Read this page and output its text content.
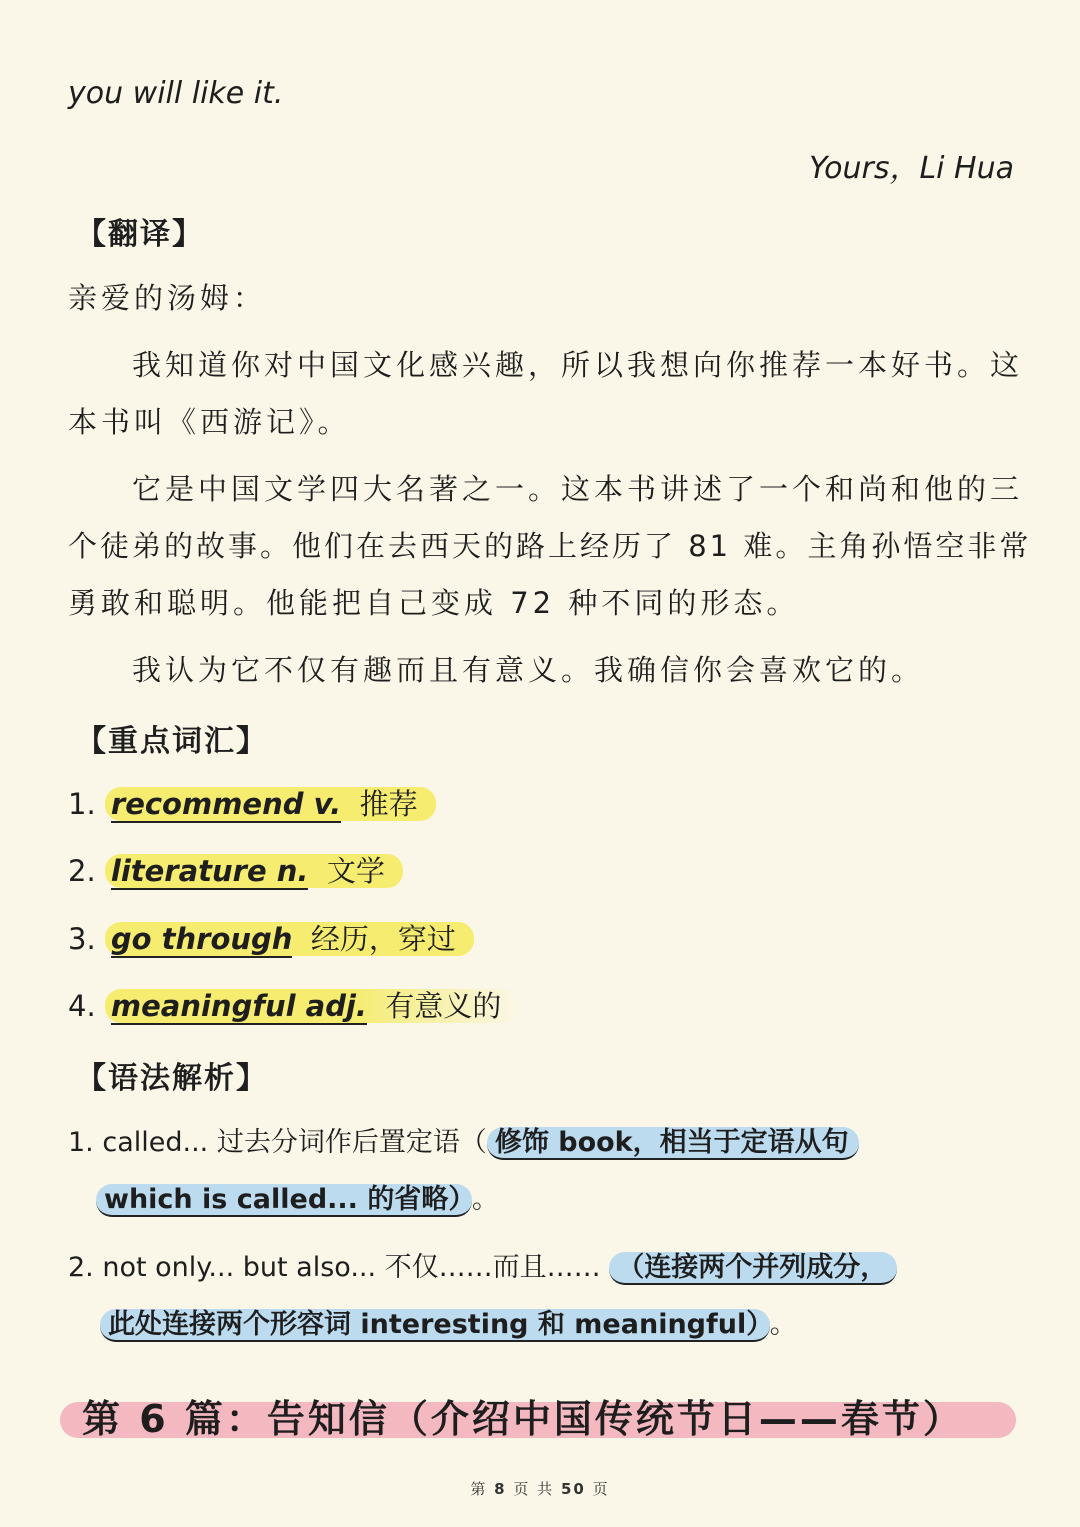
you will like it.
Yours，Li Hua
【翻译】
亲爱的汤姆：
我知道你对中国文化感兴趣，所以我想向你推荐一本好书。这
本书叫《西游记》。
它是中国文学四大名著之一。这本书讲述了一个和尚和他的三
个徒弟的故事。他们在去西天的路上经历了 81 难。主角孙悟空非常
勇敢和聪明。他能把自己变成 72 种不同的形态。
我认为它不仅有趣而且有意义。我确信你会喜欢它的。
【重点词汇】
1. recommend v. 推荐
2. literature n. 文学
3. go through 经历，穿过
4. meaningful adj. 有意义的
【语法解析】
1. called... 过去分词作后置定语（ 修饰 book，相当于定语从句
which is called... 的省略） 。
2. not only... but also... 不仅……而且…… （连接两个并列成分，
此处连接两个形容词 interesting 和 meaningful） 。
第 6 篇：告知信（介绍中国传统节日——春节）
第 8 页 共 50 页
